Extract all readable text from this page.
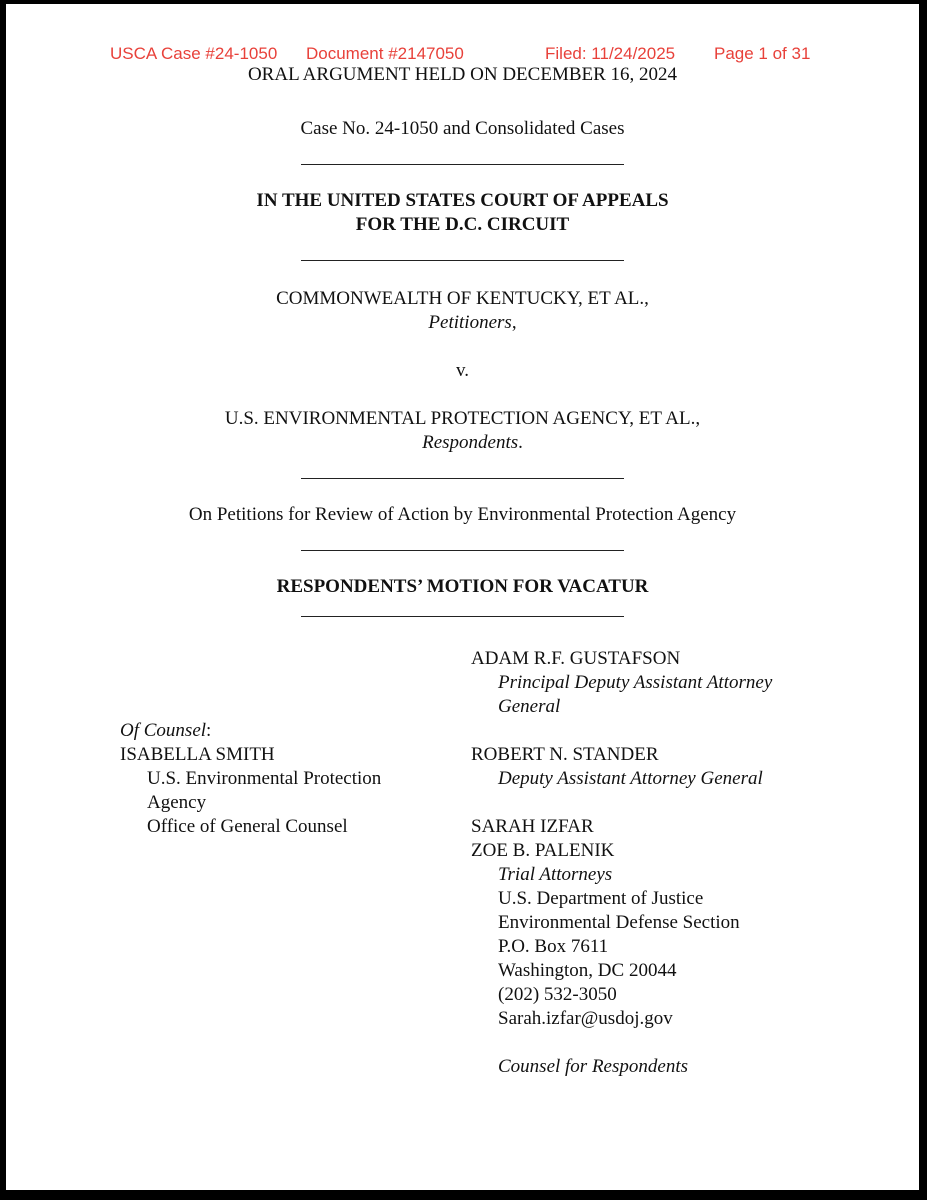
USCA Case #24-1050 Document #2147050	Filed: 11/24/2025 Page 1 of 31
ORAL ARGUMENT HELD ON DECEMBER 16, 2024
Case No. 24-1050 and Consolidated Cases
IN THE UNITED STATES COURT OF APPEALS
FOR THE D.C. CIRCUIT
COMMONWEALTH OF KENTUCKY, ET AL.,
Petitioners,
v.
U.S. ENVIRONMENTAL PROTECTION AGENCY, ET AL.,
Respondents.
On Petitions for Review of Action by Environmental Protection Agency
RESPONDENTS’ MOTION FOR VACATUR
Of Counsel:
ISABELLA SMITH
U.S. Environmental Protection
Agency
Office of General Counsel
ADAM R.F. GUSTAFSON
Principal Deputy Assistant Attorney
General
ROBERT N. STANDER
Deputy Assistant Attorney General
SARAH IZFAR
ZOE B. PALENIK
Trial Attorneys
U.S. Department of Justice
Environmental Defense Section
P.O. Box 7611
Washington, DC 20044
(202) 532-3050
Sarah.izfar@usdoj.gov
Counsel for Respondents
